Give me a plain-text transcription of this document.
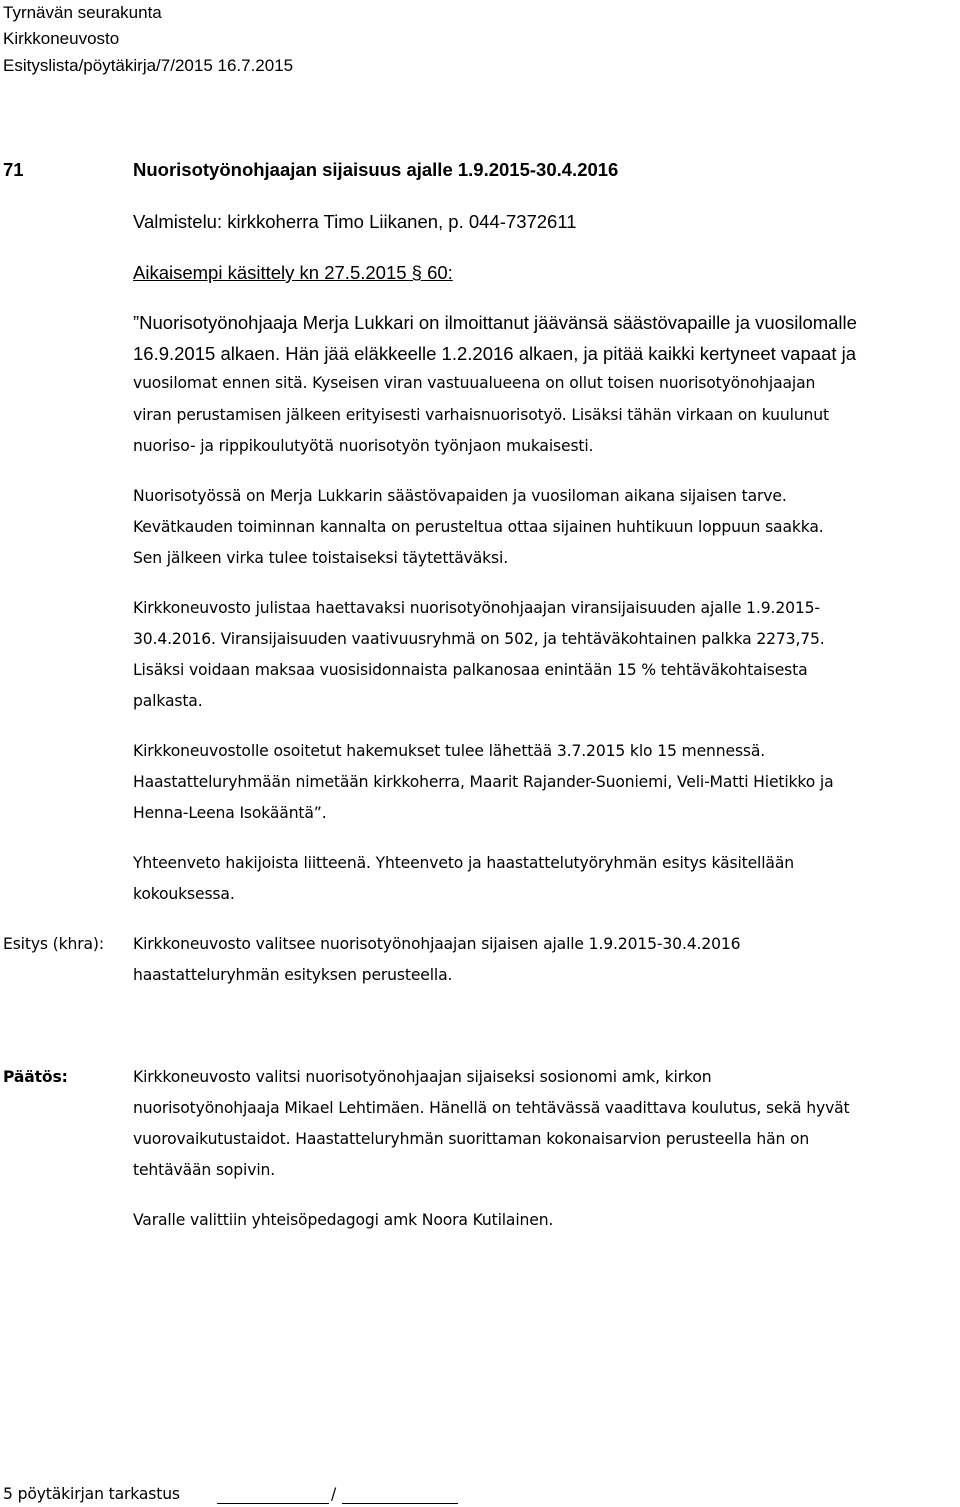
Tyrnävän seurakunta
Kirkkoneuvosto
Esityslista/pöytäkirja/7/2015 16.7.2015
71	Nuorisotyönohjaajan sijaisuus ajalle 1.9.2015-30.4.2016
Valmistelu: kirkkoherra Timo Liikanen, p. 044-7372611
Aikaisempi käsittely kn 27.5.2015 § 60:
”Nuorisotyönohjaaja Merja Lukkari on ilmoittanut jäävänsä säästövapaille ja vuosilomalle
16.9.2015 alkaen. Hän jää eläkkeelle 1.2.2016 alkaen, ja pitää kaikki kertyneet vapaat ja
vuosilomat ennen sitä. Kyseisen viran vastuualueena on ollut toisen nuorisotyönohjaajan
viran perustamisen jälkeen erityisesti varhaisnuorisotyö. Lisäksi tähän virkaan on kuulunut
nuoriso- ja rippikoulutyötä nuorisotyön työnjaon mukaisesti.
Nuorisotyössä on Merja Lukkarin säästövapaiden ja vuosiloman aikana sijaisen tarve.
Kevätkauden toiminnan kannalta on perusteltua ottaa sijainen huhtikuun loppuun saakka.
Sen jälkeen virka tulee toistaiseksi täytettäväksi.
Kirkkoneuvosto julistaa haettavaksi nuorisotyönohjaajan viransijaisuuden ajalle 1.9.2015-
30.4.2016. Viransijaisuuden vaativuusryhmä on 502, ja tehtäväkohtainen palkka 2273,75.
Lisäksi voidaan maksaa vuosisidonnaista palkanosaa enintään 15 % tehtäväkohtaisesta
palkasta.
Kirkkoneuvostolle osoitetut hakemukset tulee lähettää 3.7.2015 klo 15 mennessä.
Haastatteluryhmään nimetään kirkkoherra, Maarit Rajander-Suoniemi, Veli-Matti Hietikko ja
Henna-Leena Isokääntä”.
Yhteenveto hakijoista liitteenä. Yhteenveto ja haastattelutyöryhmän esitys käsitellään
kokouksessa.
Esitys (khra): Kirkkoneuvosto valitsee nuorisotyönohjaajan sijaisen ajalle 1.9.2015-30.4.2016
haastatteluryhmän esityksen perusteella.
Päätös:	Kirkkoneuvosto valitsi nuorisotyönohjaajan sijaiseksi sosionomi amk, kirkon
nuorisotyönohjaaja Mikael Lehtimäen. Hänellä on tehtävässä vaadittava koulutus, sekä hyvät
vuorovaikutustaidot. Haastatteluryhmän suorittaman kokonaisarvion perusteella hän on
tehtävään sopivin.
Varalle valittiin yhteisöpedagogi amk Noora Kutilainen.
5 pöytäkirjan tarkastus	/
